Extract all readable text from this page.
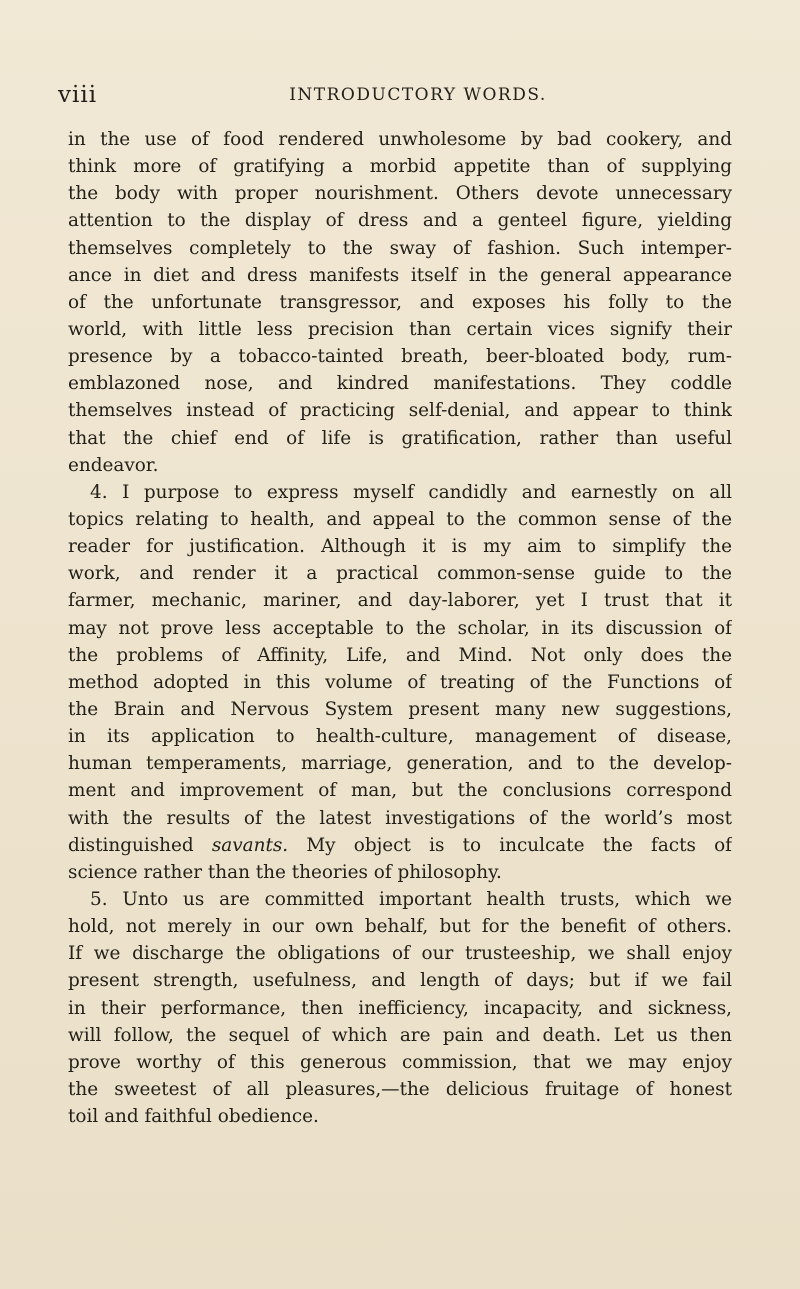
viii	INTRODUCTORY WORDS.
in the use of food rendered unwholesome by bad cookery, and
think more of gratifying a morbid appetite than of supplying
the body with proper nourishment. Others devote unnecessary
attention to the display of dress and a genteel figure, yielding
themselves completely to the sway of fashion. Such intemper-
ance in diet and dress manifests itself in the general appearance
of the unfortunate transgressor, and exposes his folly to the
world, with little less precision than certain vices signify their
presence by a tobacco-tainted breath, beer-bloated body, rum-
emblazoned nose, and kindred manifestations. They coddle
themselves instead of practicing self-denial, and appear to think
that the chief end of life is gratification, rather than useful
endeavor.
4. I purpose to express myself candidly and earnestly on all
topics relating to health, and appeal to the common sense of the
reader for justification. Although it is my aim to simplify the
work, and render it a practical common-sense guide to the
farmer, mechanic, mariner, and day-laborer, yet I trust that it
may not prove less acceptable to the scholar, in its discussion of
the problems of Affinity, Life, and Mind. Not only does the
method adopted in this volume of treating of the Functions of
the Brain and Nervous System present many new suggestions,
in its application to health-culture, management of disease,
human temperaments, marriage, generation, and to the develop-
ment and improvement of man, but the conclusions correspond
with the results of the latest investigations of the world’s most
distinguished savants. My object is to inculcate the facts of
science rather than the theories of philosophy.
5. Unto us are committed important health trusts, which we
hold, not merely in our own behalf, but for the benefit of others.
If we discharge the obligations of our trusteeship, we shall enjoy
present strength, usefulness, and length of days; but if we fail
in their performance, then inefficiency, incapacity, and sickness,
will follow, the sequel of which are pain and death. Let us then
prove worthy of this generous commission, that we may enjoy
the sweetest of all pleasures,—the delicious fruitage of honest
toil and faithful obedience.
